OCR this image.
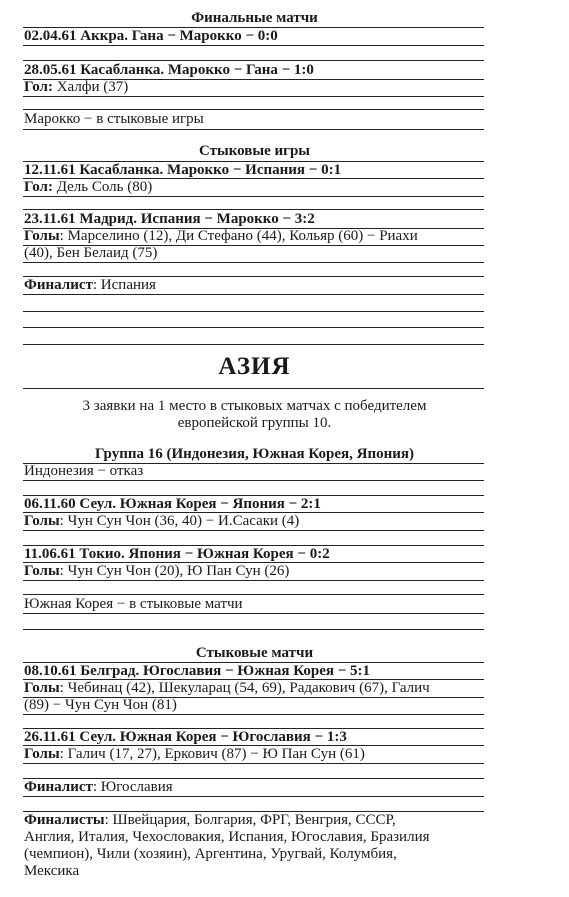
Финальные матчи
02.04.61 Аккра. Гана − Марокко − 0:0
28.05.61 Касабланка. Марокко − Гана − 1:0
Гол: Халфи (37)
Марокко − в стыковые игры
Стыковые игры
12.11.61 Касабланка. Марокко − Испания − 0:1
Гол: Дель Соль (80)
23.11.61 Мадрид. Испания − Марокко − 3:2
Голы: Марселино (12), Ди Стефано (44), Кольяр (60) − Риахи
(40), Бен Белаид (75)
Финалист: Испания
АЗИЯ
3 заявки на 1 место в стыковых матчах с победителем
европейской группы 10.
Группа 16 (Индонезия, Южная Корея, Япония)
Индонезия − отказ
06.11.60 Сеул. Южная Корея − Япония − 2:1
Голы: Чун Сун Чон (36, 40) − И.Сасаки (4)
11.06.61 Токио. Япония − Южная Корея − 0:2
Голы: Чун Сун Чон (20), Ю Пан Сун (26)
Южная Корея − в стыковые матчи
Стыковые матчи
08.10.61 Белград. Югославия − Южная Корея − 5:1
Голы: Чебинац (42), Шекуларац (54, 69), Радакович (67), Галич
(89) − Чун Сун Чон (81)
26.11.61 Сеул. Южная Корея − Югославия − 1:3
Голы: Галич (17, 27), Еркович (87) − Ю Пан Сун (61)
Финалист: Югославия
Финалисты: Швейцария, Болгария, ФРГ, Венгрия, СССР,
Англия, Италия, Чехословакия, Испания, Югославия, Бразилия
(чемпион), Чили (хозяин), Аргентина, Уругвай, Колумбия,
Мексика
